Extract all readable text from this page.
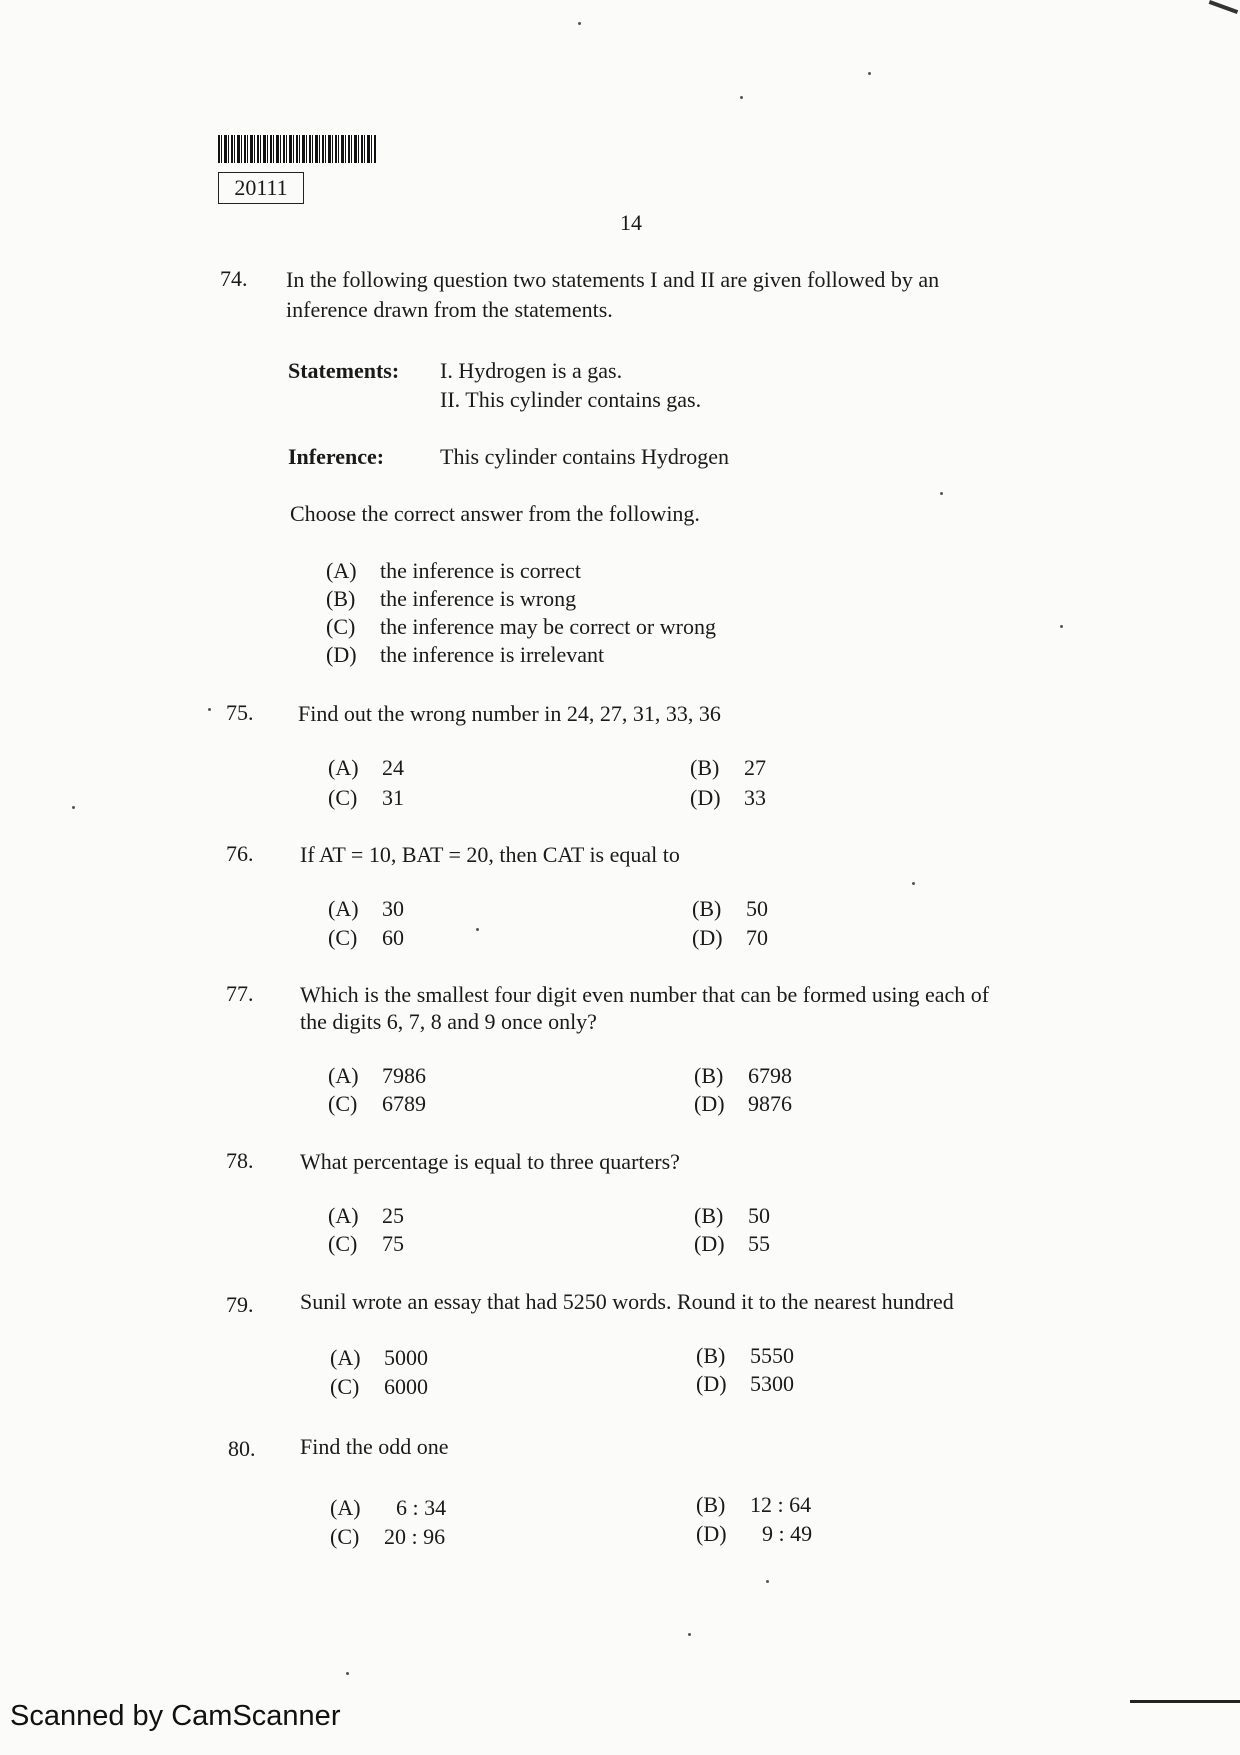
20111
14
74. In the following question two statements I and II are given followed by an
inference drawn from the statements.
Statements: I. Hydrogen is a gas.
II. This cylinder contains gas.
Inference:	This cylinder contains Hydrogen
Choose the correct answer from the following.
(A) the inference is correct
(B) the inference is wrong
(C) the inference may be correct or wrong
(D) the inference is irrelevant
75. Find out the wrong number in 24, 27, 31, 33, 36
(A) 24	(B) 27
(C) 31	(D) 33
76. If AT = 10, BAT = 20, then CAT is equal to
(A) 30	(B) 50
(C) 60	(D) 70
77. Which is the smallest four digit even number that can be formed using each of
the digits 6, 7, 8 and 9 once only?
(A) 7986	(B) 6798
(C) 6789	(D) 9876
78. What percentage is equal to three quarters?
(A) 25	(B) 50
(C) 75	(D) 55
79. Sunil wrote an essay that had 5250 words. Round it to the nearest hundred
(A) 5000	(B) 5550
(C) 6000	(D) 5300
80. Find the odd one
(A) 6 : 34	(B) 12 : 64
(C) 20 : 96	(D) 9 : 49
Scanned by CamScanner
